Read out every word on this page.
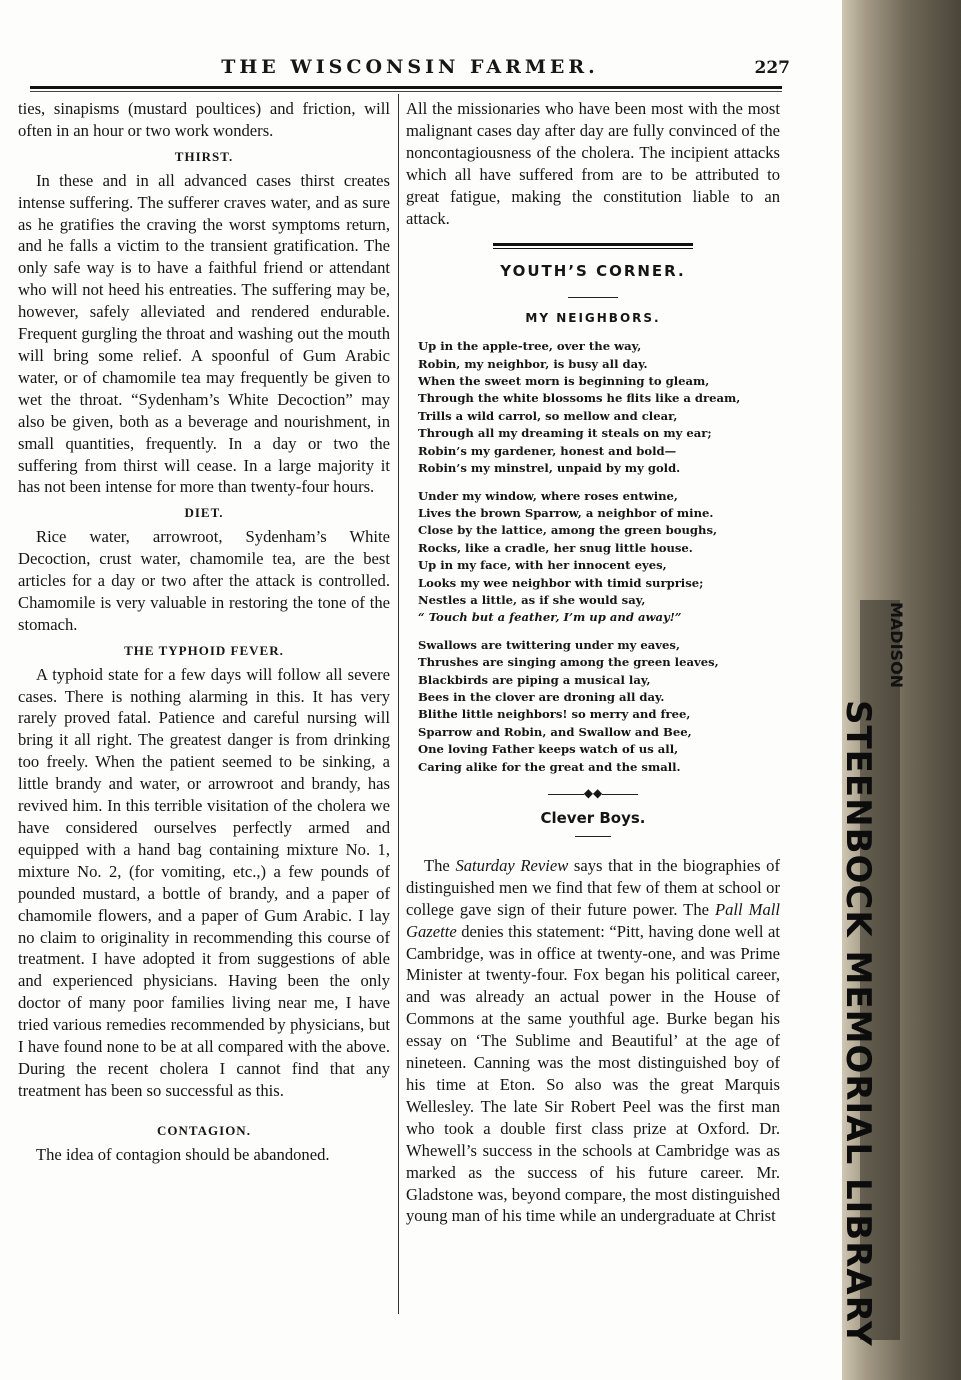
THE WISCONSIN FARMER.	227

ties, sinapisms (mustard poultices) and friction, will often in an hour or two work wonders.

THIRST.

In these and in all advanced cases thirst creates intense suffering. The sufferer craves water, and as sure as he gratifies the craving the worst symptoms return, and he falls a victim to the transient gratification. The only safe way is to have a faithful friend or attendant who will not heed his entreaties. The suffering may be, however, safely alleviated and rendered endurable. Frequent gurgling the throat and washing out the mouth will bring some relief. A spoonful of Gum Arabic water, or of chamomile tea may frequently be given to wet the throat. “Sydenham’s White Decoction” may also be given, both as a beverage and nourishment, in small quantities, frequently. In a day or two the suffering from thirst will cease. In a large majority it has not been intense for more than twenty-four hours.

DIET.

Rice water, arrowroot, Sydenham’s White Decoction, crust water, chamomile tea, are the best articles for a day or two after the attack is controlled. Chamomile is very valuable in restoring the tone of the stomach.

THE TYPHOID FEVER.

A typhoid state for a few days will follow all severe cases. There is nothing alarming in this. It has very rarely proved fatal. Patience and careful nursing will bring it all right. The greatest danger is from drinking too freely. When the patient seemed to be sinking, a little brandy and water, or arrowroot and brandy, has revived him. In this terrible visitation of the cholera we have considered ourselves perfectly armed and equipped with a hand bag containing mixture No. 1, mixture No. 2, (for vomiting, etc.,) a few pounds of pounded mustard, a bottle of brandy, and a paper of chamomile flowers, and a paper of Gum Arabic. I lay no claim to originality in recommending this course of treatment. I have adopted it from suggestions of able and experienced physicians. Having been the only doctor of many poor families living near me, I have tried various remedies recommended by physicians, but I have found none to be at all compared with the above. During the recent cholera I cannot find that any treatment has been so successful as this.

CONTAGION.

The idea of contagion should be abandoned.

All the missionaries who have been most with the most malignant cases day after day are fully convinced of the noncontagiousness of the cholera. The incipient attacks which all have suffered from are to be attributed to great fatigue, making the constitution liable to an attack.

YOUTH’S CORNER.
MY NEIGHBORS.
Up in the apple-tree, over the way,
Robin, my neighbor, is busy all day.
When the sweet morn is beginning to gleam,
Through the white blossoms he flits like a dream,
Trills a wild carrol, so mellow and clear,
Through all my dreaming it steals on my ear;
Robin’s my gardener, honest and bold—
Robin’s my minstrel, unpaid by my gold.
Under my window, where roses entwine,
Lives the brown Sparrow, a neighbor of mine.
Close by the lattice, among the green boughs,
Rocks, like a cradle, her snug little house.
Up in my face, with her innocent eyes,
Looks my wee neighbor with timid surprise;
Nestles a little, as if she would say,
“ Touch but a feather, I’m up and away!”
Swallows are twittering under my eaves,
Thrushes are singing among the green leaves,
Blackbirds are piping a musical lay,
Bees in the clover are droning all day.
Blithe little neighbors! so merry and free,
Sparrow and Robin, and Swallow and Bee,
One loving Father keeps watch of us all,
Caring alike for the great and the small.
◆◆
Clever Boys.

The Saturday Review says that in the biographies of distinguished men we find that few of them at school or college gave sign of their future power. The Pall Mall Gazette denies this statement: “Pitt, having done well at Cambridge, was in office at twenty-one, and was Prime Minister at twenty-four. Fox began his political career, and was already an actual power in the House of Commons at the same youthful age. Burke began his essay on ‘The Sublime and Beautiful’ at the age of nineteen. Canning was the most distinguished boy of his time at Eton. So also was the great Marquis Wellesley. The late Sir Robert Peel was the first man who took a double first class prize at Oxford. Dr. Whewell’s success in the schools at Cambridge was as marked as the success of his future career. Mr. Gladstone was, beyond compare, the most distinguished young man of his time while an undergraduate at Christ

MADISON
STEENBOCK MEMORIAL LIBRARY
